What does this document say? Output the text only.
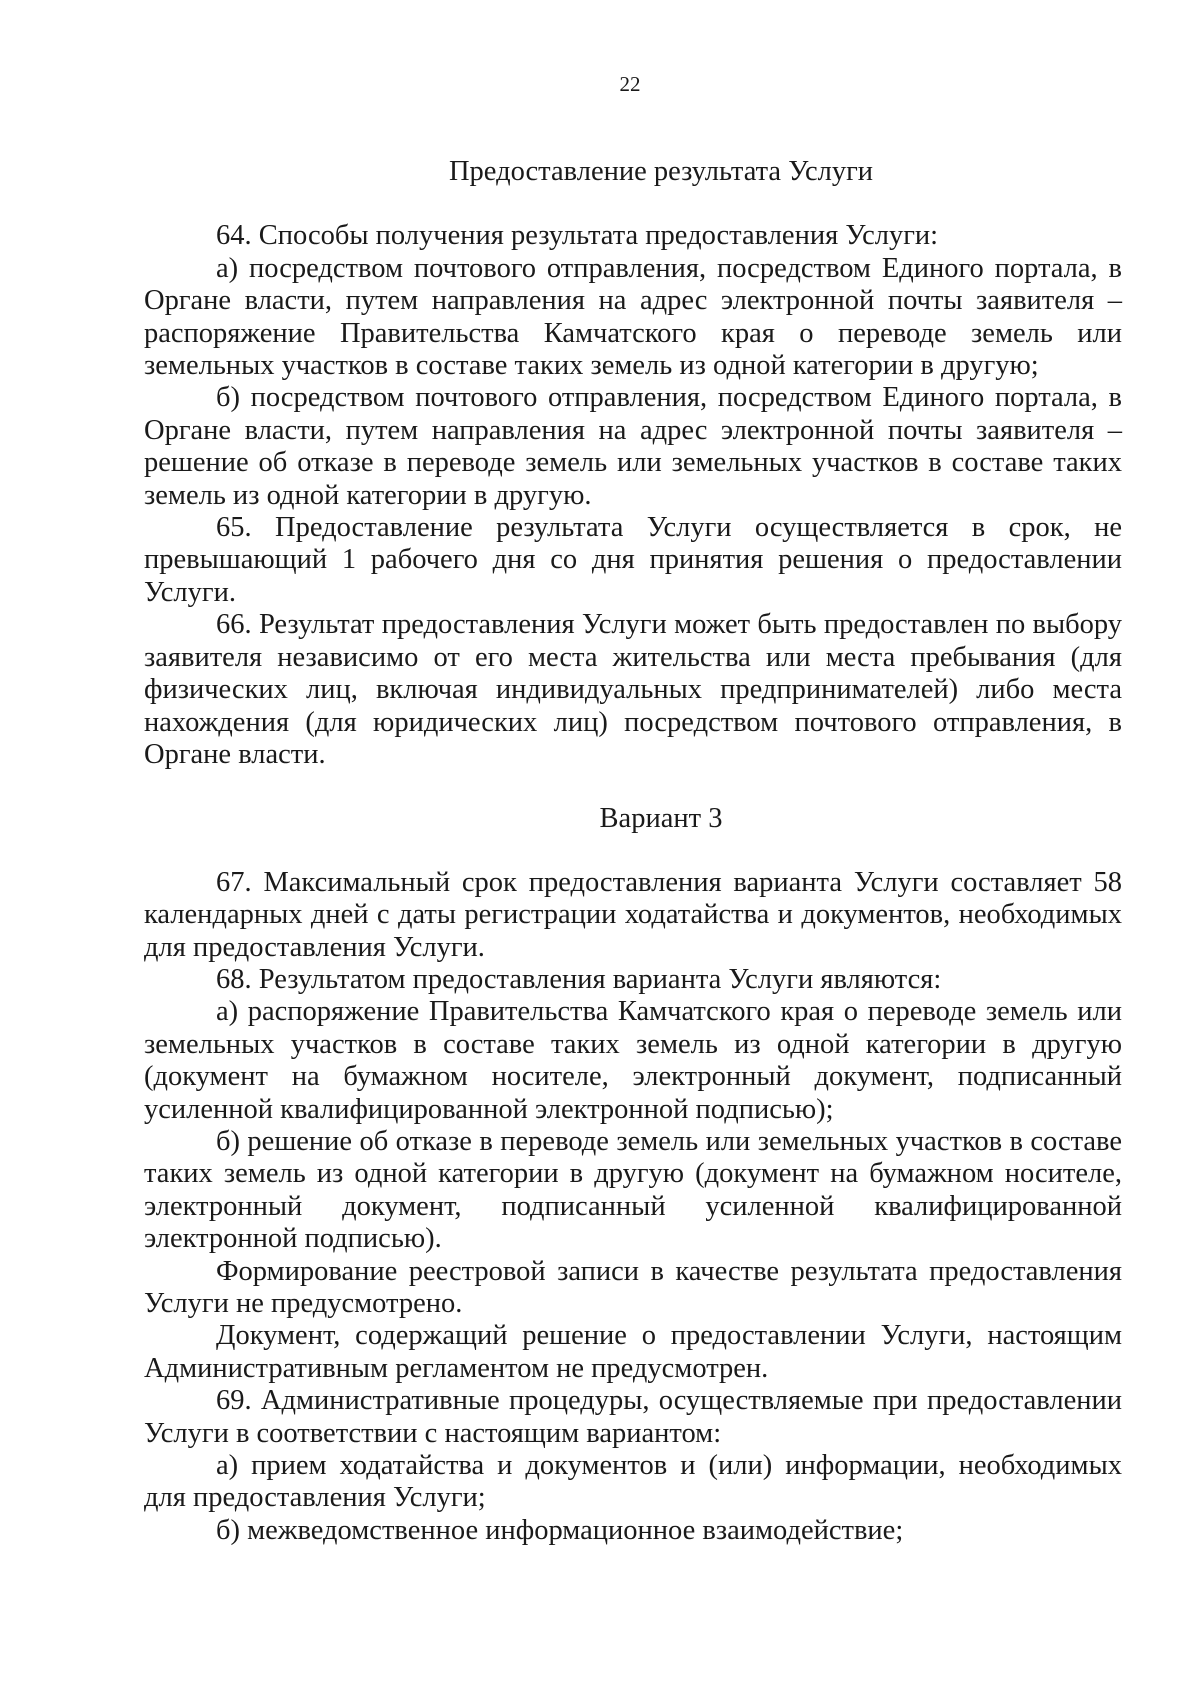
22

Предоставление результата Услуги

64. Способы получения результата предоставления Услуги:

а) посредством почтового отправления, посредством Единого портала, в Органе власти, путем направления на адрес электронной почты заявителя – распоряжение Правительства Камчатского края о переводе земель или земельных участков в составе таких земель из одной категории в другую;

б) посредством почтового отправления, посредством Единого портала, в Органе власти, путем направления на адрес электронной почты заявителя – решение об отказе в переводе земель или земельных участков в составе таких земель из одной категории в другую.

65. Предоставление результата Услуги осуществляется в срок, не превышающий 1 рабочего дня со дня принятия решения о предоставлении Услуги.

66. Результат предоставления Услуги может быть предоставлен по выбору заявителя независимо от его места жительства или места пребывания (для физических лиц, включая индивидуальных предпринимателей) либо места нахождения (для юридических лиц) посредством почтового отправления, в Органе власти.

Вариант 3

67. Максимальный срок предоставления варианта Услуги составляет 58 календарных дней с даты регистрации ходатайства и документов, необходимых для предоставления Услуги.

68. Результатом предоставления варианта Услуги являются:

а) распоряжение Правительства Камчатского края о переводе земель или земельных участков в составе таких земель из одной категории в другую (документ на бумажном носителе, электронный документ, подписанный усиленной квалифицированной электронной подписью);

б) решение об отказе в переводе земель или земельных участков в составе таких земель из одной категории в другую (документ на бумажном носителе, электронный документ, подписанный усиленной квалифицированной электронной подписью).

Формирование реестровой записи в качестве результата предоставления Услуги не предусмотрено.

Документ, содержащий решение о предоставлении Услуги, настоящим Административным регламентом не предусмотрен.

69. Административные процедуры, осуществляемые при предоставлении Услуги в соответствии с настоящим вариантом:

а) прием ходатайства и документов и (или) информации, необходимых для предоставления Услуги;

б) межведомственное информационное взаимодействие;
